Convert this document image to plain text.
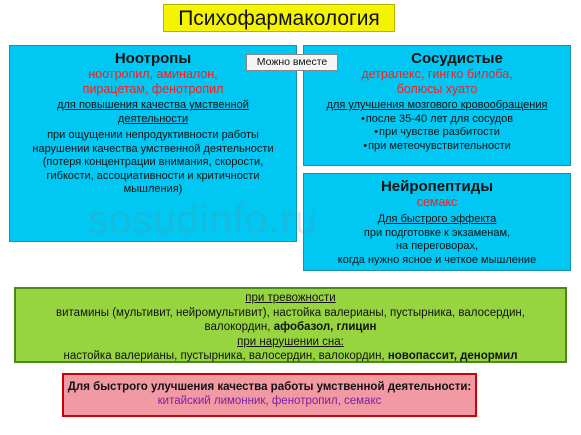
Психофармакология
Ноотропы
ноотропил, аминалон,
пирацетам, фенотропил
для повышения качества умственной
деятельности
при ощущении непродуктивности работы
нарушении качества умственной деятельности
(потеря концентрации внимания, скорости,
гибкости, ассоциативности и критичности
мышления)
Сосудистые
детралекс, гингко билоба,
болюсы хуато
для улучшения мозгового кровообращения
• после 35-40 лет для сосудов
• при чувстве разбитости
• при метеочувствительности
Можно вместе
Нейропептиды
семакс
Для быстрого эффекта
при подготовке к экзаменам,
на переговорах,
когда нужно ясное и четкое мышление
sosudinfo.ru
при тревожности
витамины (мультивит, нейромультивит), настойка валерианы, пустырника, валосердин,
валокордин, афобазол, глицин
при нарушении сна:
настойка валерианы, пустырника, валосердин, валокордин, новопассит, денормил
Для быстрого улучшения качества работы умственной деятельности:
китайский лимонник, фенотропил, семакс
